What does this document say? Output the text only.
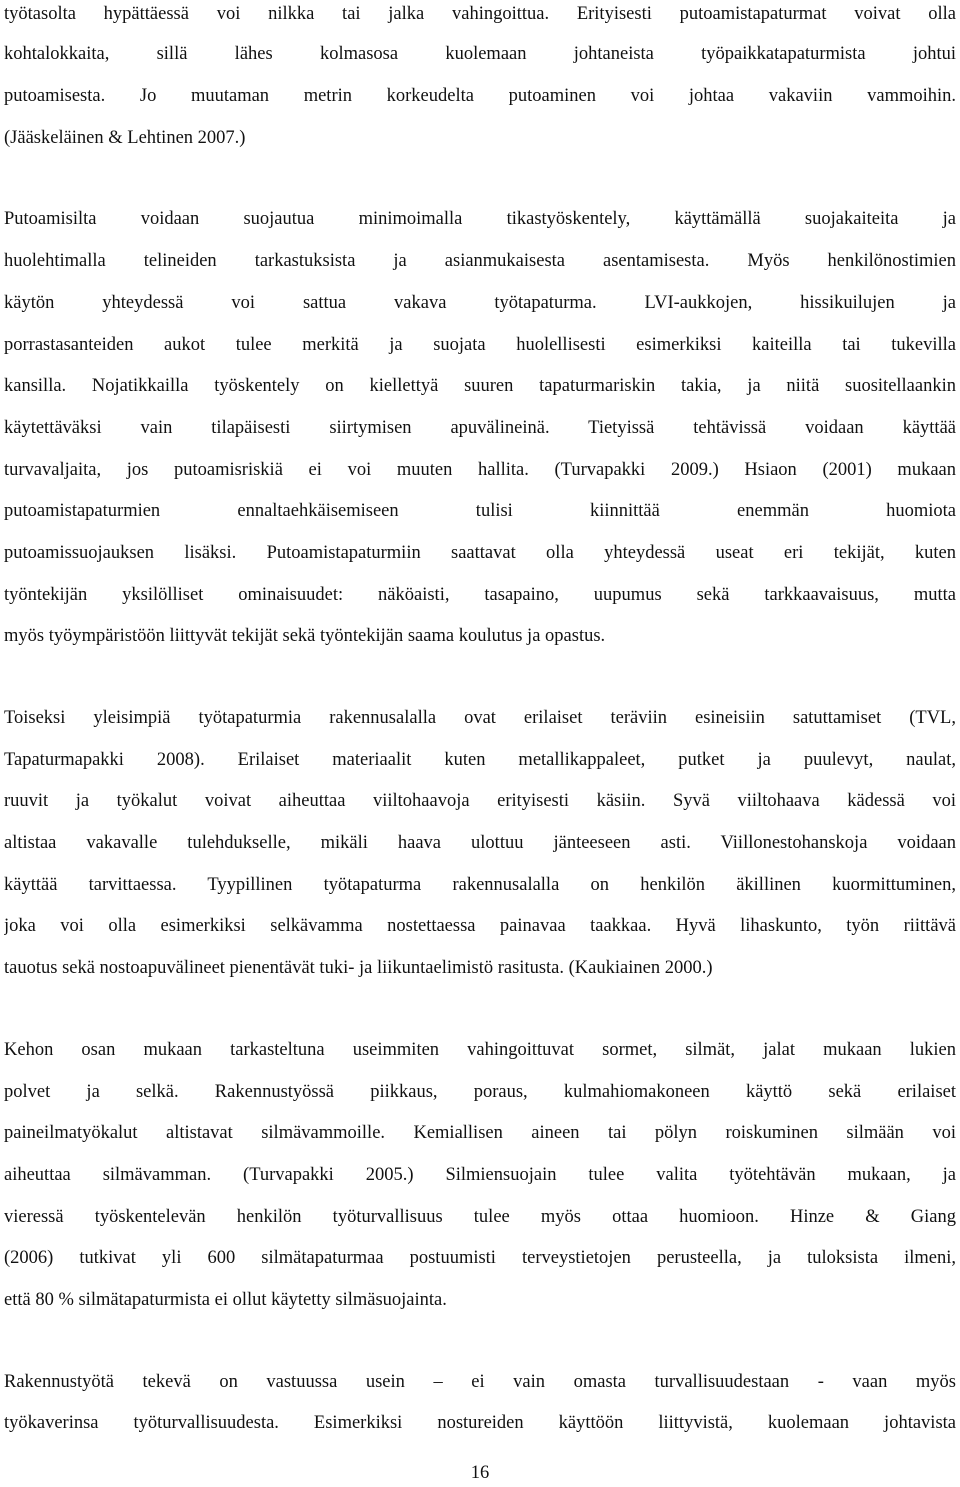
työtasolta hypättäessä voi nilkka tai jalka vahingoittua. Erityisesti putoamistapaturmat voivat olla
kohtalokkaita, sillä lähes kolmasosa kuolemaan johtaneista työpaikkatapaturmista johtui
putoamisesta. Jo muutaman metrin korkeudelta putoaminen voi johtaa vakaviin vammoihin.
(Jääskeläinen & Lehtinen 2007.)
Putoamisilta voidaan suojautua minimoimalla tikastyöskentely, käyttämällä suojakaiteita ja
huolehtimalla telineiden tarkastuksista ja asianmukaisesta asentamisesta. Myös henkilönostimien
käytön yhteydessä voi sattua vakava työtapaturma. LVI-aukkojen, hissikuilujen ja
porrastasanteiden aukot tulee merkitä ja suojata huolellisesti esimerkiksi kaiteilla tai tukevilla
kansilla. Nojatikkailla työskentely on kiellettyä suuren tapaturmariskin takia, ja niitä suositellaankin
käytettäväksi vain tilapäisesti siirtymisen apuvälineinä. Tietyissä tehtävissä voidaan käyttää
turvavaljaita, jos putoamisriskiä ei voi muuten hallita. (Turvapakki 2009.) Hsiaon (2001) mukaan
putoamistapaturmien ennaltaehkäisemiseen tulisi kiinnittää enemmän huomiota
putoamissuojauksen lisäksi. Putoamistapaturmiin saattavat olla yhteydessä useat eri tekijät, kuten
työntekijän yksilölliset ominaisuudet: näköaisti, tasapaino, uupumus sekä tarkkaavaisuus, mutta
myös työympäristöön liittyvät tekijät sekä työntekijän saama koulutus ja opastus.
Toiseksi yleisimpiä työtapaturmia rakennusalalla ovat erilaiset teräviin esineisiin satuttamiset (TVL,
Tapaturmapakki 2008). Erilaiset materiaalit kuten metallikappaleet, putket ja puulevyt, naulat,
ruuvit ja työkalut voivat aiheuttaa viiltohaavoja erityisesti käsiin. Syvä viiltohaava kädessä voi
altistaa vakavalle tulehdukselle, mikäli haava ulottuu jänteeseen asti. Viillonestohanskoja voidaan
käyttää tarvittaessa. Tyypillinen työtapaturma rakennusalalla on henkilön äkillinen kuormittuminen,
joka voi olla esimerkiksi selkävamma nostettaessa painavaa taakkaa. Hyvä lihaskunto, työn riittävä
tauotus sekä nostoapuvälineet pienentävät tuki- ja liikuntaelimistö rasitusta. (Kaukiainen 2000.)
Kehon osan mukaan tarkasteltuna useimmiten vahingoittuvat sormet, silmät, jalat mukaan lukien
polvet ja selkä. Rakennustyössä piikkaus, poraus, kulmahiomakoneen käyttö sekä erilaiset
paineilmatyökalut altistavat silmävammoille. Kemiallisen aineen tai pölyn roiskuminen silmään voi
aiheuttaa silmävamman. (Turvapakki 2005.) Silmiensuojain tulee valita työtehtävän mukaan, ja
vieressä työskentelevän henkilön työturvallisuus tulee myös ottaa huomioon. Hinze & Giang
(2006) tutkivat yli 600 silmätapaturmaa postuumisti terveystietojen perusteella, ja tuloksista ilmeni,
että 80 % silmätapaturmista ei ollut käytetty silmäsuojainta.
Rakennustyötä tekevä on vastuussa usein – ei vain omasta turvallisuudestaan - vaan myös
työkaverinsa työturvallisuudesta. Esimerkiksi nostureiden käyttöön liittyvistä, kuolemaan johtavista
16
